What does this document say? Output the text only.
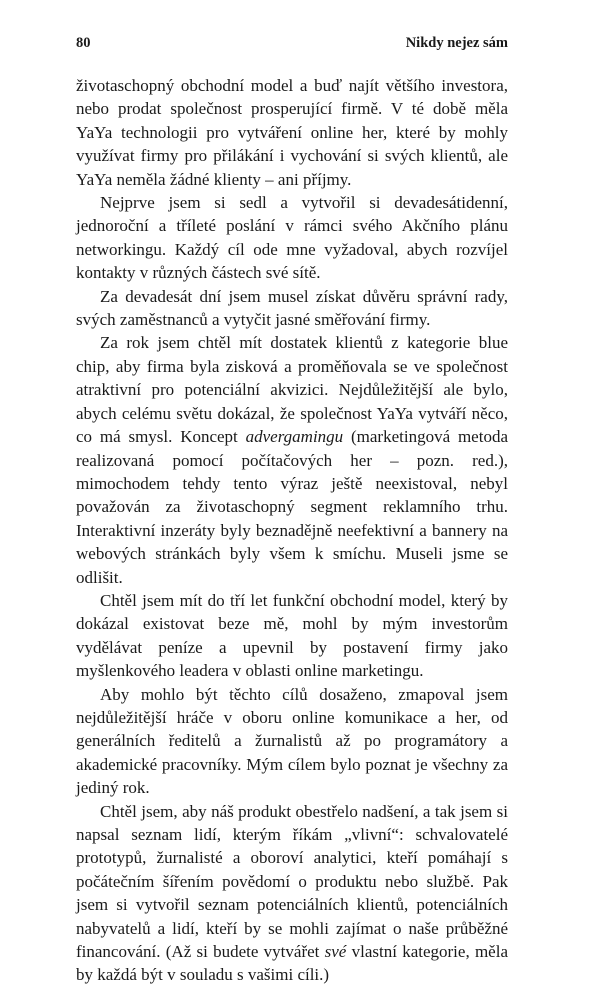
80	Nikdy nejez sám

životaschopný obchodní model a buď najít většího investora, nebo prodat společnost prosperující firmě. V té době měla YaYa technologii pro vytváření online her, které by mohly využívat firmy pro přilákání i vychování si svých klientů, ale YaYa neměla žádné klienty – ani příjmy.

Nejprve jsem si sedl a vytvořil si devadesátidenní, jednoroční a tříleté poslání v rámci svého Akčního plánu networkingu. Každý cíl ode mne vyžadoval, abych rozvíjel kontakty v různých částech své sítě.

Za devadesát dní jsem musel získat důvěru správní rady, svých zaměstnanců a vytyčit jasné směřování firmy.

Za rok jsem chtěl mít dostatek klientů z kategorie blue chip, aby firma byla zisková a proměňovala se ve společnost atraktivní pro potenciální akvizici. Nejdůležitější ale bylo, abych celému světu dokázal, že společnost YaYa vytváří něco, co má smysl. Koncept advergamingu (marketingová metoda realizovaná pomocí počítačových her – pozn. red.), mimochodem tehdy tento výraz ještě neexistoval, nebyl považován za životaschopný segment reklamního trhu. Interaktivní inzeráty byly beznadějně neefektivní a bannery na webových stránkách byly všem k smíchu. Museli jsme se odlišit.

Chtěl jsem mít do tří let funkční obchodní model, který by dokázal existovat beze mě, mohl by mým investorům vydělávat peníze a upevnil by postavení firmy jako myšlenkového leadera v oblasti online marketingu.

Aby mohlo být těchto cílů dosaženo, zmapoval jsem nejdůležitější hráče v oboru online komunikace a her, od generálních ředitelů a žurnalistů až po programátory a akademické pracovníky. Mým cílem bylo poznat je všechny za jediný rok.

Chtěl jsem, aby náš produkt obestřelo nadšení, a tak jsem si napsal seznam lidí, kterým říkám „vlivní“: schvalovatelé prototypů, žurnalisté a oboroví analytici, kteří pomáhají s počátečním šířením povědomí o produktu nebo službě. Pak jsem si vytvořil seznam potenciálních klientů, potenciálních nabyvatelů a lidí, kteří by se mohli zajímat o naše průběžné financování. (Až si budete vytvářet své vlastní kategorie, měla by každá být v souladu s vašimi cíli.)
